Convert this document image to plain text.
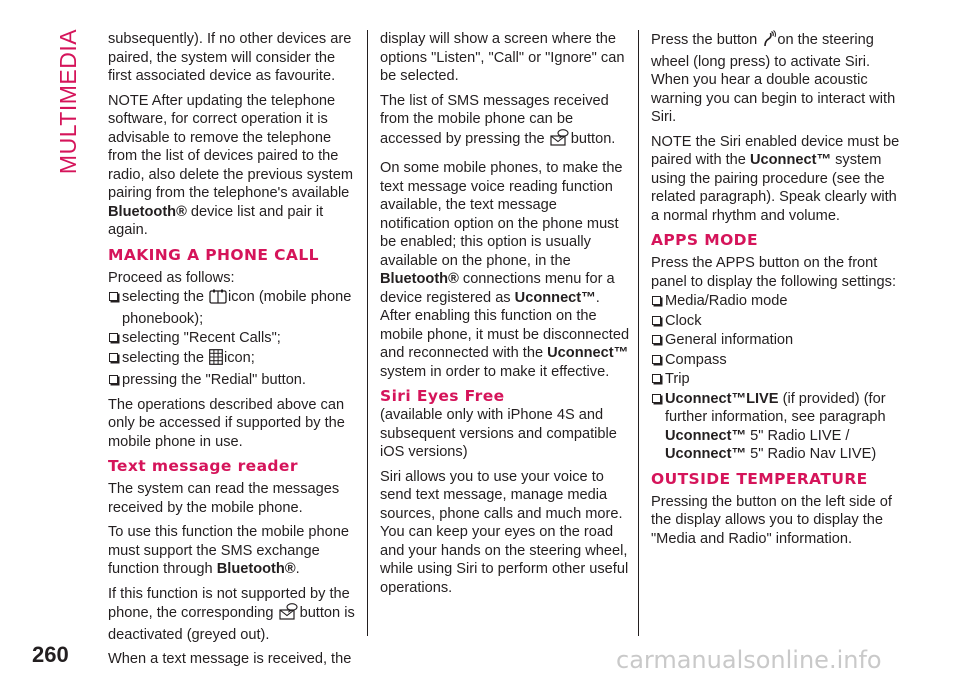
MULTIMEDIA subsequently). If no other devices are paired, the system will consider the first associated device as favourite.

NOTE After updating the telephone software, for correct operation it is advisable to remove the telephone from the list of devices paired to the radio, also delete the previous system pairing from the telephone's available Bluetooth® device list and pair it again.

MAKING A PHONE CALL

Proceed as follows:

selecting the icon (mobile phone phonebook);
selecting "Recent Calls";
selecting the icon;
pressing the "Redial" button.

The operations described above can only be accessed if supported by the mobile phone in use.

Text message reader

The system can read the messages received by the mobile phone.

To use this function the mobile phone must support the SMS exchange function through Bluetooth®.

If this function is not supported by the phone, the corresponding button is deactivated (greyed out).

When a text message is received, the

display will show a screen where the options "Listen", "Call" or "Ignore" can be selected.

The list of SMS messages received from the mobile phone can be accessed by pressing the button.

On some mobile phones, to make the text message voice reading function available, the text message notification option on the phone must be enabled; this option is usually available on the phone, in the Bluetooth® connections menu for a device registered as Uconnect™. After enabling this function on the mobile phone, it must be disconnected and reconnected with the Uconnect™ system in order to make it effective.

Siri Eyes Free

(available only with iPhone 4S and subsequent versions and compatible iOS versions)

Siri allows you to use your voice to send text message, manage media sources, phone calls and much more. You can keep your eyes on the road and your hands on the steering wheel, while using Siri to perform other useful operations.

Press the button on the steering wheel (long press) to activate Siri. When you hear a double acoustic warning you can begin to interact with Siri.

NOTE the Siri enabled device must be paired with the Uconnect™ system using the pairing procedure (see the related paragraph). Speak clearly with a normal rhythm and volume.

APPS MODE

Press the APPS button on the front panel to display the following settings:

Media/Radio mode
Clock
General information
Compass
Trip
Uconnect™LIVE (if provided) (for further information, see paragraph Uconnect™ 5" Radio LIVE / Uconnect™ 5" Radio Nav LIVE)
OUTSIDE TEMPERATURE

Pressing the button on the left side of the display allows you to display the "Media and Radio" information.

260	carmanualsonline.info
